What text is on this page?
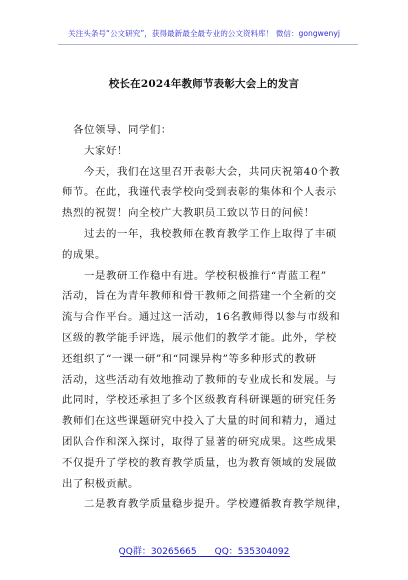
关注头条号“公文研究”，获得最新最全最专业的公文资料库！ 微信：gongwenyj
校长在2024年教师节表彰大会上的发言
各位领导、同学们：
大家好！
今天，我们在这里召开表彰大会，共同庆祝第40个教
师节。在此，我谨代表学校向受到表彰的集体和个人表示
热烈的祝贺！向全校广大教职员工致以节日的问候！
过去的一年，我校教师在教育教学工作上取得了丰硕
的成果。
一是教研工作稳中有进。学校积极推行“青蓝工程”
活动，旨在为青年教师和骨干教师之间搭建一个全新的交
流与合作平台。通过这一活动，16名教师得以参与市级和
区级的教学能手评选，展示他们的教学才能。此外，学校
还组织了“一课一研”和“同课异构”等多种形式的教研
活动，这些活动有效地推动了教师的专业成长和发展。与
此同时，学校还承担了多个区级教育科研课题的研究任务
教师们在这些课题研究中投入了大量的时间和精力，通过
团队合作和深入探讨，取得了显著的研究成果。这些成果
不仅提升了学校的教育教学质量，也为教育领域的发展做
出了积极贡献。
二是教育教学质量稳步提升。学校遵循教育教学规律，
QQ群：30265665 QQ：535304092
